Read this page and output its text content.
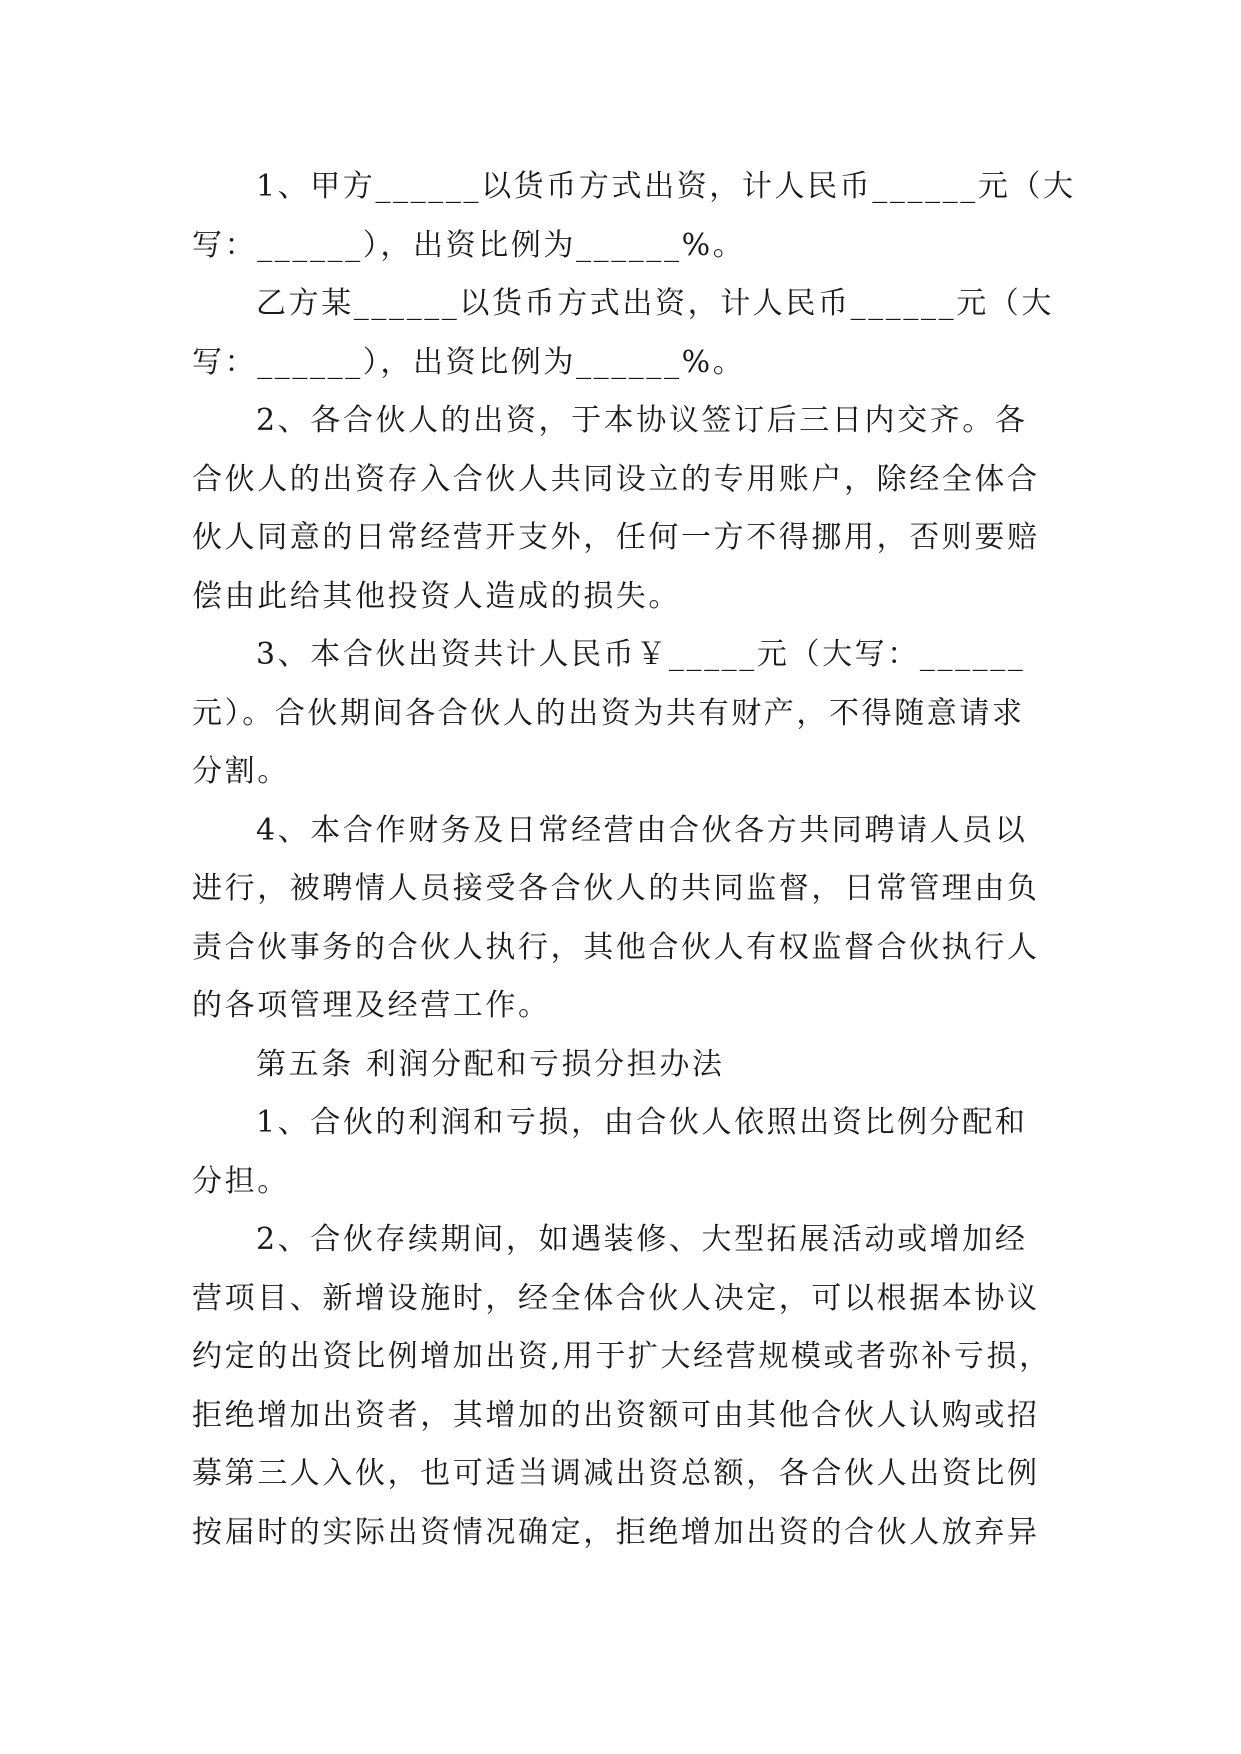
1、甲方______以货币方式出资，计人民币______元（大
写：______），出资比例为______%。

乙方某______以货币方式出资，计人民币______元（大
写：______），出资比例为______%。

2、各合伙人的出资，于本协议签订后三日内交齐。各
合伙人的出资存入合伙人共同设立的专用账户，除经全体合
伙人同意的日常经营开支外，任何一方不得挪用，否则要赔
偿由此给其他投资人造成的损失。

3、本合伙出资共计人民币￥_____元（大写：______
元）。合伙期间各合伙人的出资为共有财产，不得随意请求
分割。

4、本合作财务及日常经营由合伙各方共同聘请人员以
进行，被聘情人员接受各合伙人的共同监督，日常管理由负
责合伙事务的合伙人执行，其他合伙人有权监督合伙执行人
的各项管理及经营工作。

第五条 利润分配和亏损分担办法

1、合伙的利润和亏损，由合伙人依照出资比例分配和
分担。

2、合伙存续期间，如遇装修、大型拓展活动或增加经
营项目、新增设施时，经全体合伙人决定，可以根据本协议
约定的出资比例增加出资,用于扩大经营规模或者弥补亏损，
拒绝增加出资者，其增加的出资额可由其他合伙人认购或招
募第三人入伙，也可适当调减出资总额，各合伙人出资比例
按届时的实际出资情况确定，拒绝增加出资的合伙人放弃异
